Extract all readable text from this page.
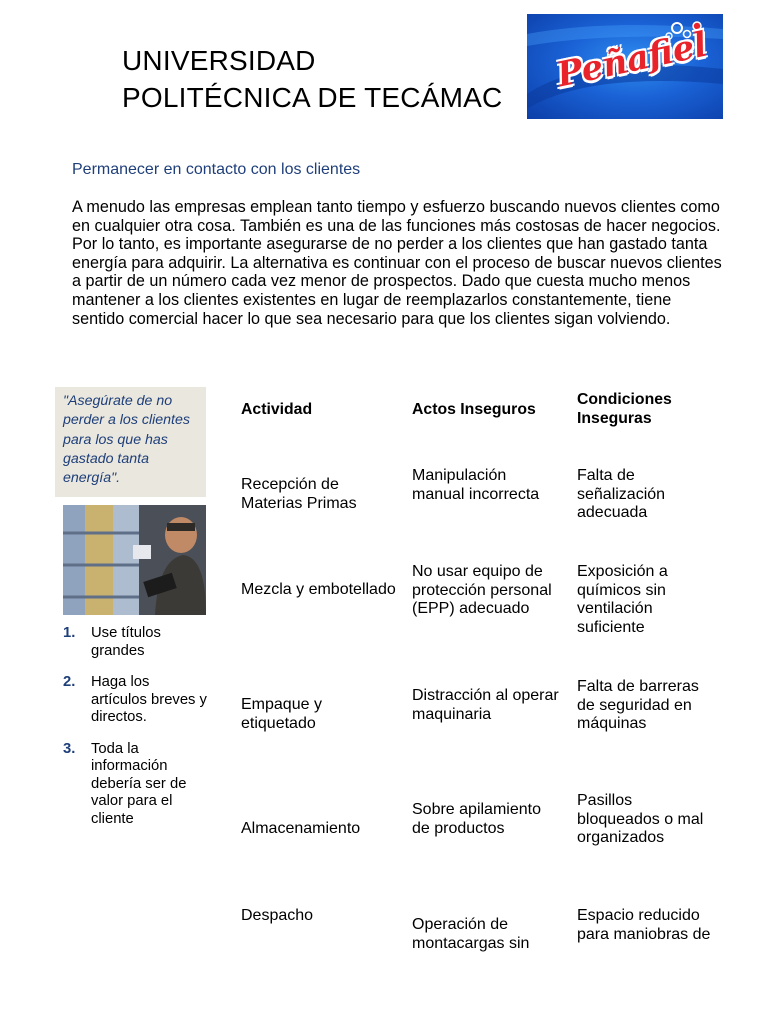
UNIVERSIDAD
POLITÉCNICA DE TECÁMAC
Peñafiel
Permanecer en contacto con los clientes

A menudo las empresas emplean tanto tiempo y esfuerzo buscando nuevos clientes como en cualquier otra cosa. También es una de las funciones más costosas de hacer negocios. Por lo tanto, es importante asegurarse de no perder a los clientes que han gastado tanta energía para adquirir. La alternativa es continuar con el proceso de buscar nuevos clientes a partir de un número cada vez menor de prospectos. Dado que cuesta mucho menos mantener a los clientes existentes en lugar de reemplazarlos constantemente, tiene sentido comercial hacer lo que sea necesario para que los clientes sigan volviendo.

"Asegúrate de no perder a los clientes para los que has gastado tanta energía".
1. Use títulos grandes
2. Haga los artículos breves y directos.
3. Toda la información debería ser de valor para el cliente
Actividad	Actos Inseguros
Condiciones Inseguras
Recepción de Materias Primas
Manipulación manual incorrecta
Falta de señalización adecuada
Mezcla y embotellado
No usar equipo de protección personal (EPP) adecuado
Exposición a químicos sin ventilación suficiente
Empaque y etiquetado
Distracción al operar maquinaria
Falta de barreras de seguridad en máquinas
Almacenamiento
Sobre apilamiento de productos
Pasillos bloqueados o mal organizados
Despacho
Operación de montacargas sin
Espacio reducido para maniobras de
